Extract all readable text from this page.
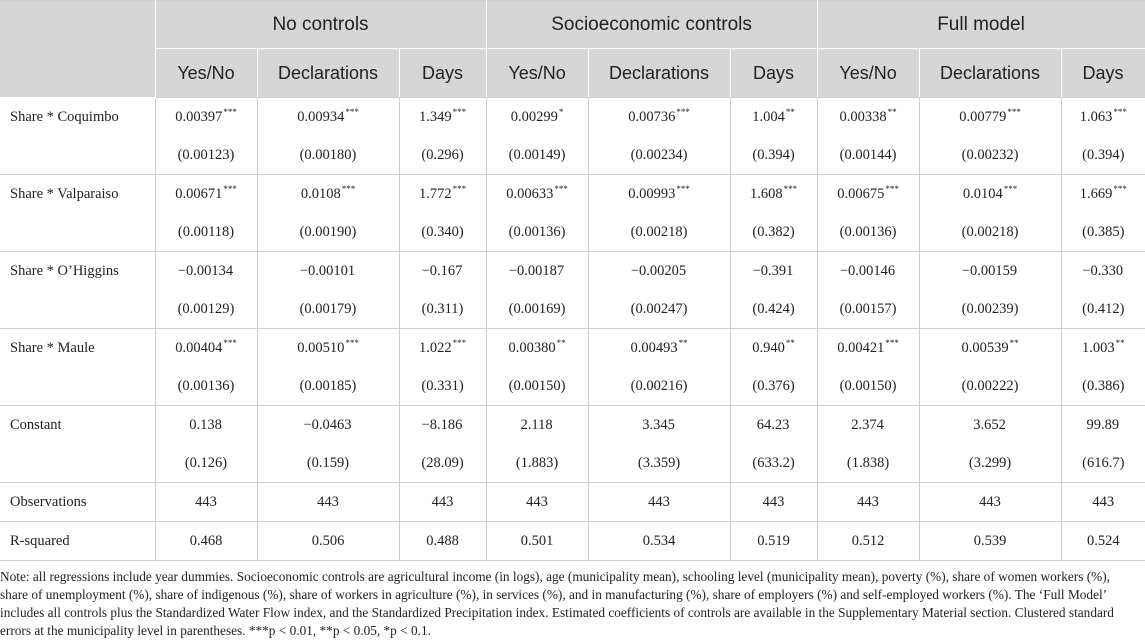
	No controls			Socioeconomic controls			Full model		
	Yes/No	Declarations	Days	Yes/No	Declarations	Days	Yes/No	Declarations	Days
Share * Coquimbo	0.00397***	0.00934***	1.349***	0.00299*	0.00736***	1.004**	0.00338**	0.00779***	1.063***
	(0.00123)	(0.00180)	(0.296)	(0.00149)	(0.00234)	(0.394)	(0.00144)	(0.00232)	(0.394)
Share * Valparaiso	0.00671***	0.0108***	1.772***	0.00633***	0.00993***	1.608***	0.00675***	0.0104***	1.669***
	(0.00118)	(0.00190)	(0.340)	(0.00136)	(0.00218)	(0.382)	(0.00136)	(0.00218)	(0.385)
Share * O’Higgins	−0.00134	−0.00101	−0.167	−0.00187	−0.00205	−0.391	−0.00146	−0.00159	−0.330
	(0.00129)	(0.00179)	(0.311)	(0.00169)	(0.00247)	(0.424)	(0.00157)	(0.00239)	(0.412)
Share * Maule	0.00404***	0.00510***	1.022***	0.00380**	0.00493**	0.940**	0.00421***	0.00539**	1.003**
	(0.00136)	(0.00185)	(0.331)	(0.00150)	(0.00216)	(0.376)	(0.00150)	(0.00222)	(0.386)
Constant	0.138	−0.0463	−8.186	2.118	3.345	64.23	2.374	3.652	99.89
	(0.126)	(0.159)	(28.09)	(1.883)	(3.359)	(633.2)	(1.838)	(3.299)	(616.7)
Observations	443	443	443	443	443	443	443	443	443
R-squared	0.468	0.506	0.488	0.501	0.534	0.519	0.512	0.539	0.524

Note: all regressions include year dummies. Socioeconomic controls are agricultural income (in logs), age (municipality mean), schooling level (municipality mean), poverty (%), share of women workers (%), share of unemployment (%), share of indigenous (%), share of workers in agriculture (%), in services (%), and in manufacturing (%), share of employers (%) and self-employed workers (%). The ‘Full Model’ includes all controls plus the Standardized Water Flow index, and the Standardized Precipitation index. Estimated coefficients of controls are available in the Supplementary Material section. Clustered standard errors at the municipality level in parentheses. ***p < 0.01, **p < 0.05, *p < 0.1.
